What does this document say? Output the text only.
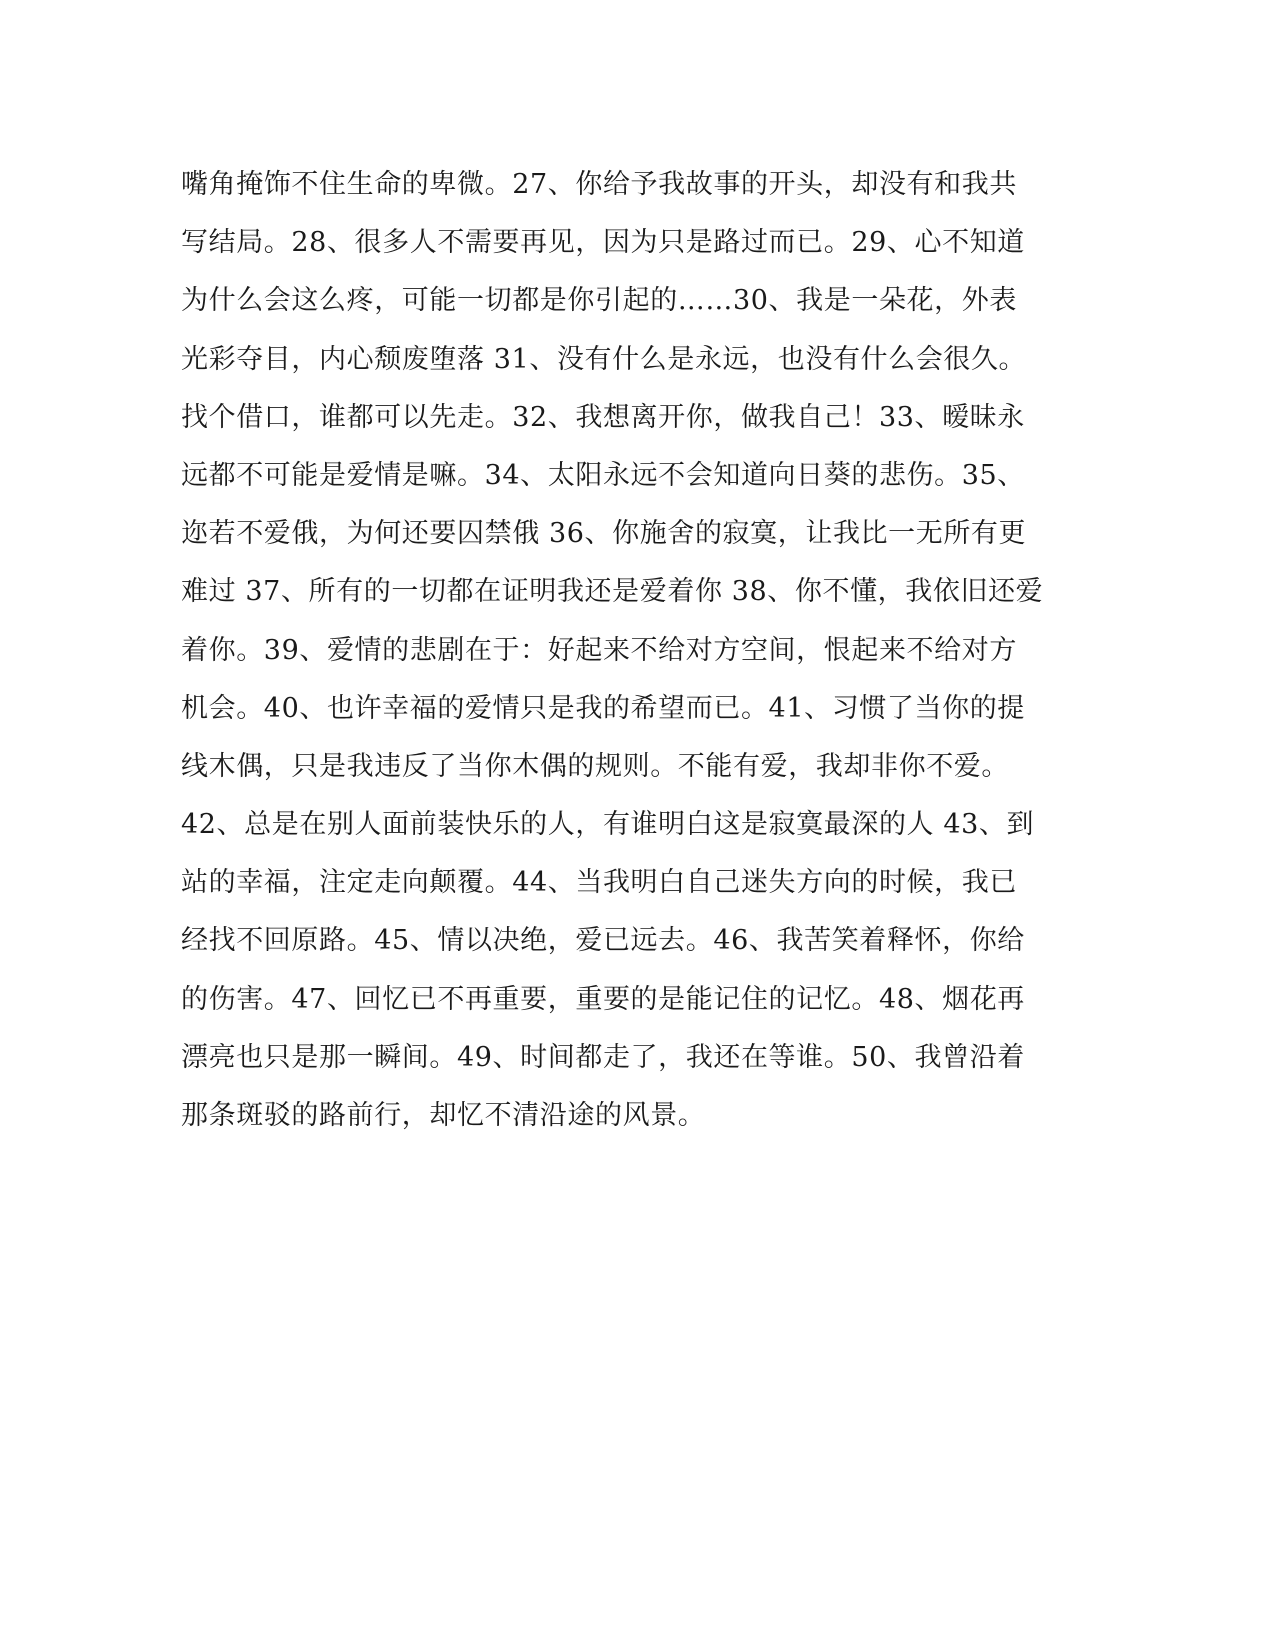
嘴角掩饰不住生命的卑微。27、你给予我故事的开头，却没有和我共
写结局。28、很多人不需要再见，因为只是路过而已。29、心不知道
为什么会这么疼，可能一切都是你引起的……30、我是一朵花，外表
光彩夺目，内心颓废堕落 31、没有什么是永远，也没有什么会很久。
找个借口，谁都可以先走。32、我想离开你，做我自己！33、暧昧永
远都不可能是爱情是嘛。34、太阳永远不会知道向日葵的悲伤。35、
迩若不爱俄，为何还要囚禁俄 36、你施舍的寂寞，让我比一无所有更
难过 37、所有的一切都在证明我还是爱着你 38、你不懂，我依旧还爱
着你。39、爱情的悲剧在于：好起来不给对方空间，恨起来不给对方
机会。40、也许幸福的爱情只是我的希望而已。41、习惯了当你的提
线木偶，只是我违反了当你木偶的规则。不能有爱，我却非你不爱。
42、总是在别人面前装快乐的人，有谁明白这是寂寞最深的人 43、到
站的幸福，注定走向颠覆。44、当我明白自己迷失方向的时候，我已
经找不回原路。45、情以决绝，爱已远去。46、我苦笑着释怀，你给
的伤害。47、回忆已不再重要，重要的是能记住的记忆。48、烟花再
漂亮也只是那一瞬间。49、时间都走了，我还在等谁。50、我曾沿着
那条斑驳的路前行，却忆不清沿途的风景。
